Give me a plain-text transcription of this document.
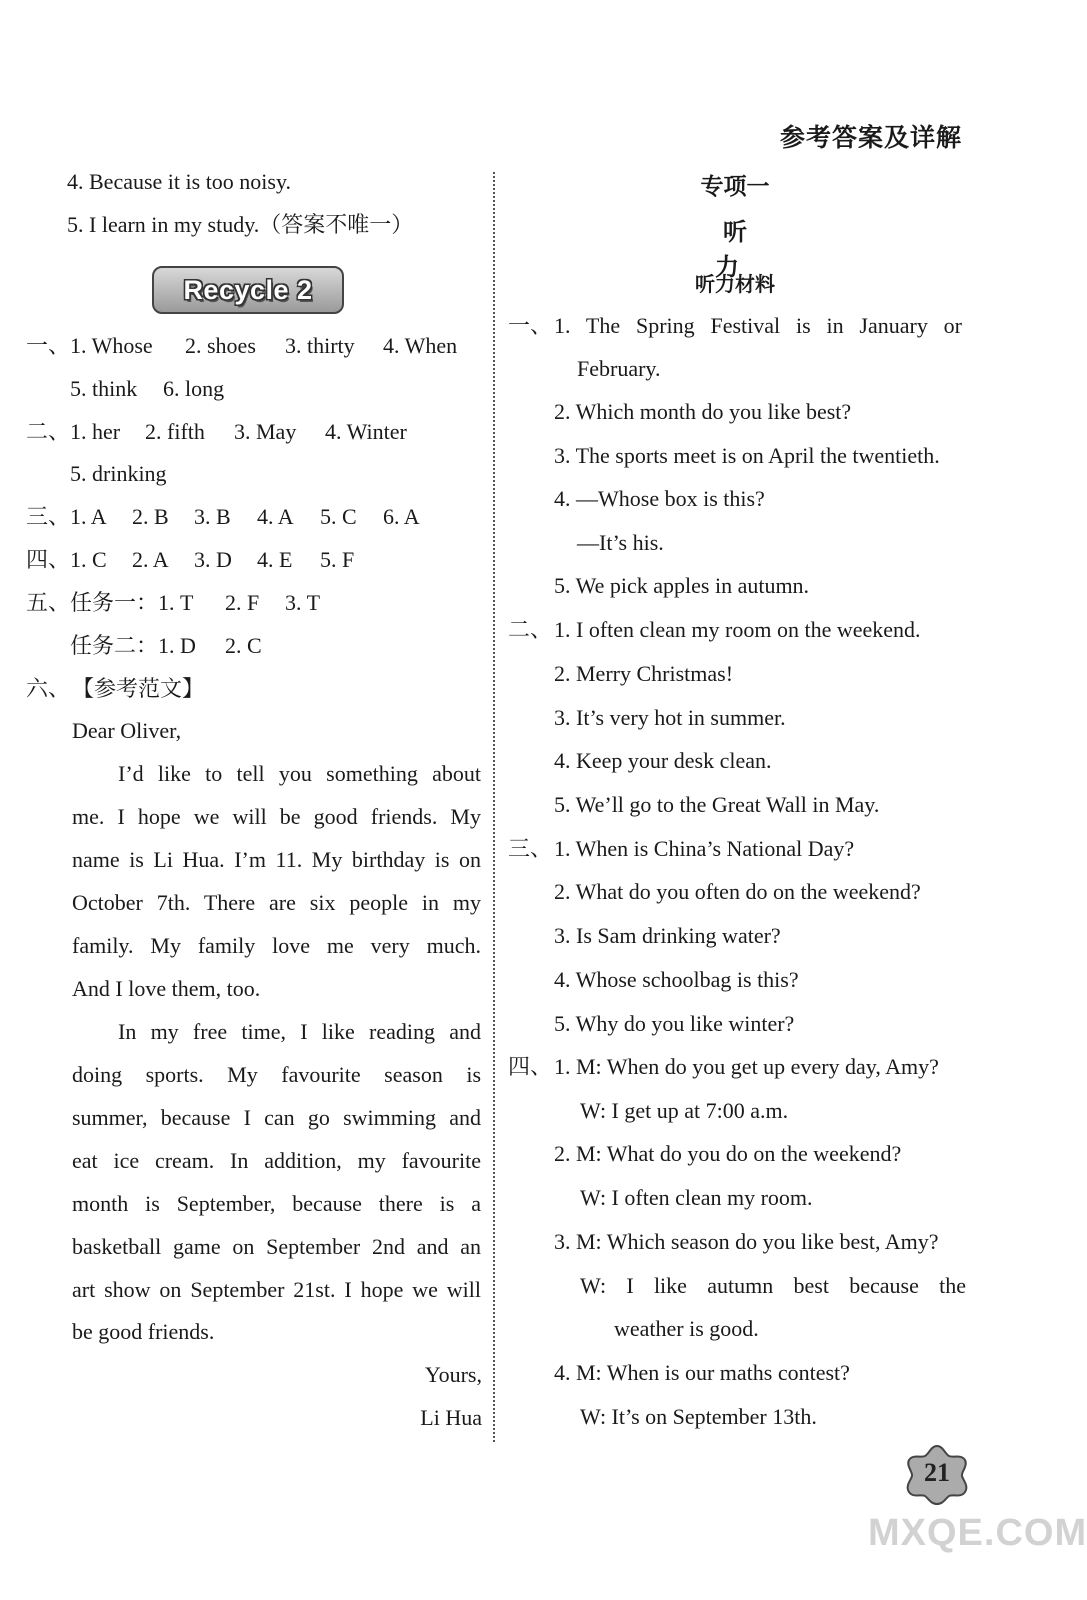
参考答案及详解
4. Because it is too noisy.
5. I learn in my study.（答案不唯一）
Recycle 2
一、 1. Whose 2. shoes 3. thirty 4. When
5. think 6. long
二、 1. her 2. fifth 3. May 4. Winter
5. drinking
三、 1. A 2. B 3. B 4. A 5. C 6. A
四、 1. C 2. A 3. D 4. E 5. F
五、 任务一：1. T 2. F 3. T
任务二：1. D 2. C
六、 【参考范文】
Dear Oliver,
I’d like to tell you something about
me. I hope we will be good friends. My
name is Li Hua. I’m 11. My birthday is on
October 7th. There are six people in my
family. My family love me very much.
And I love them, too.
In my free time, I like reading and
doing sports. My favourite season is
summer, because I can go swimming and
eat ice cream. In addition, my favourite
month is September, because there is a
basketball game on September 2nd and an
art show on September 21st. I hope we will
be good friends.
Yours,
Li Hua
专项一
听 力
听力材料
一、 1. The Spring Festival is in January or
February.
2. Which month do you like best?
3. The sports meet is on April the twentieth.
4. —Whose box is this?
—It’s his.
5. We pick apples in autumn.
二、 1. I often clean my room on the weekend.
2. Merry Christmas!
3. It’s very hot in summer.
4. Keep your desk clean.
5. We’ll go to the Great Wall in May.
三、 1. When is China’s National Day?
2. What do you often do on the weekend?
3. Is Sam drinking water?
4. Whose schoolbag is this?
5. Why do you like winter?
四、 1. M: When do you get up every day, Amy?
W: I get up at 7:00 a.m.
2. M: What do you do on the weekend?
W: I often clean my room.
3. M: Which season do you like best, Amy?
W: I like autumn best because the
weather is good.
4. M: When is our maths contest?
W: It’s on September 13th.
21
MXQE.COM
